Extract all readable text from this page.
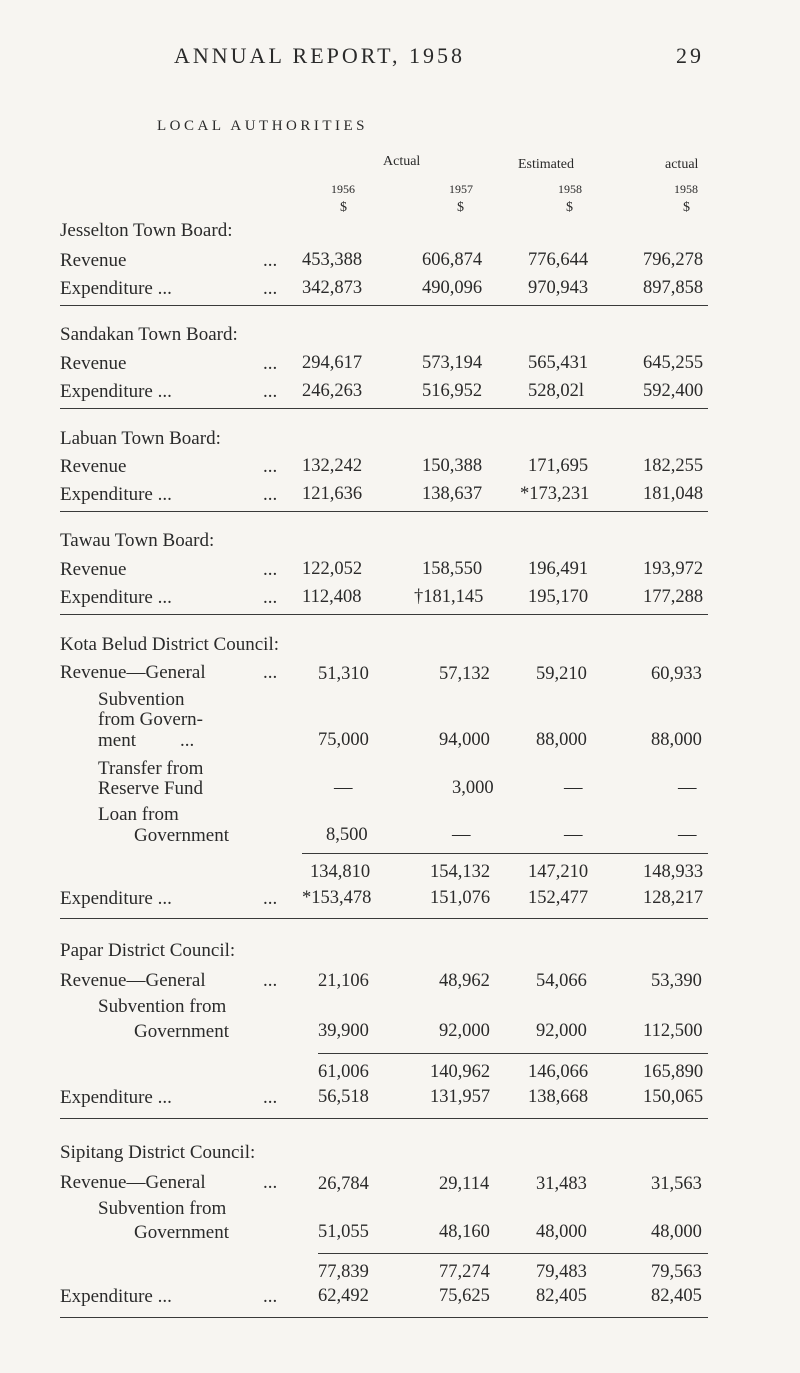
ANNUAL REPORT, 1958	29
LOCAL AUTHORITIES
Actual	Estimated	actual
1956	1957	1958	1958
$	$	$	$
Jesselton Town Board:
Revenue	... 453,388	606,874 776,644	796,278
Expenditure ...	... 342,873	490,096 970,943	897,858
Sandakan Town Board:
Revenue	... 294,617	573,194 565,431	645,255
Expenditure ...	... 246,263	516,952 528,02l	592,400
Labuan Town Board:
Revenue	... 132,242	150,388 171,695	182,255
Expenditure ...	... 121,636	138,637 *173,231	181,048
Tawau Town Board:
Revenue	... 122,052	158,550 196,491	193,972
Expenditure ...	... 112,408	†181,145 195,170	177,288
Kota Belud District Council:
Revenue—General	... 51,310	57,132 59,210	60,933
Subvention
from Govern-
ment ...	75,000	94,000 88,000	88,000
Transfer from
Reserve Fund	—	3,000	—	—
Loan from
Government	8,500	—	—	—
134,810	154,132 147,210	148,933
Expenditure ...	... *153,478	151,076 152,477	128,217
Papar District Council:
Revenue—General	... 21,106	48,962 54,066	53,390
Subvention from
Government	39,900	92,000 92,000	112,500
61,006	140,962 146,066	165,890
Expenditure ...	... 56,518	131,957 138,668	150,065
Sipitang District Council:
Revenue—General	... 26,784	29,114	31,483	31,563
Subvention from
Government	51,055	48,160 48,000	48,000
77,839	77,274 79,483	79,563
Expenditure ...	... 62,492	75,625 82,405	82,405
